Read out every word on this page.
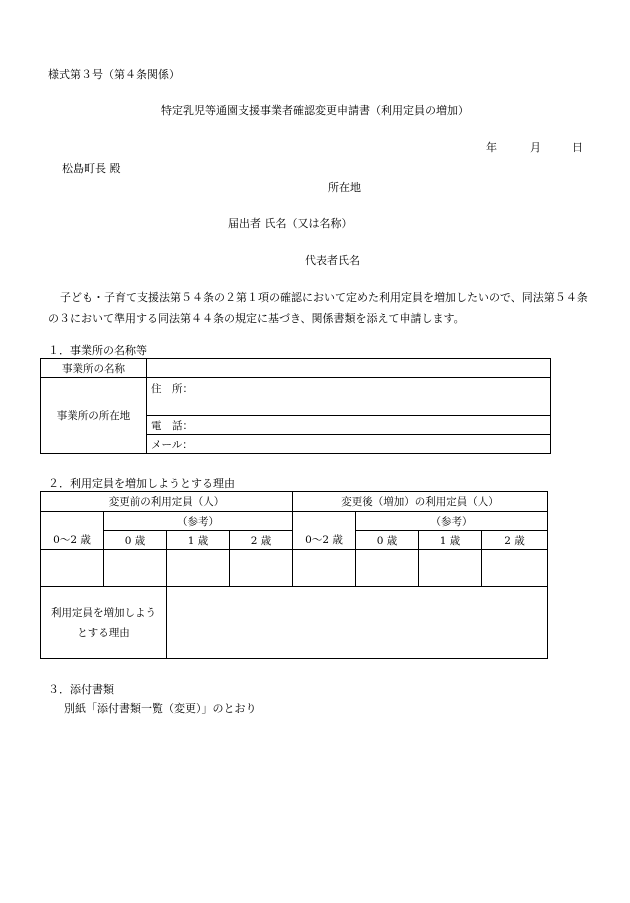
様式第３号（第４条関係）
特定乳児等通園支援事業者確認変更申請書（利用定員の増加）
年	月	日
松島町長 殿
所在地
届出者 氏名（又は名称）
代表者氏名
子ども・子育て支援法第５４条の２第１項の確認において定めた利用定員を増加したいので、同法第５４条の３において準用する同法第４４条の規定に基づき、関係書類を添えて申請します。
１．事業所の名称等
事業所の名称	
事業所の所在地	住　所：
	電　話：
	メール：
２．利用定員を増加しようとする理由
変更前の利用定員（人）				変更後（増加）の利用定員（人）			
	（参考）				（参考）		
0～2 歳	0 歳	1 歳	2 歳	0～2 歳	0 歳	1 歳	2 歳

利用定員を増加しようとする理由							
３．添付書類
別紙「添付書類一覧（変更）」のとおり
